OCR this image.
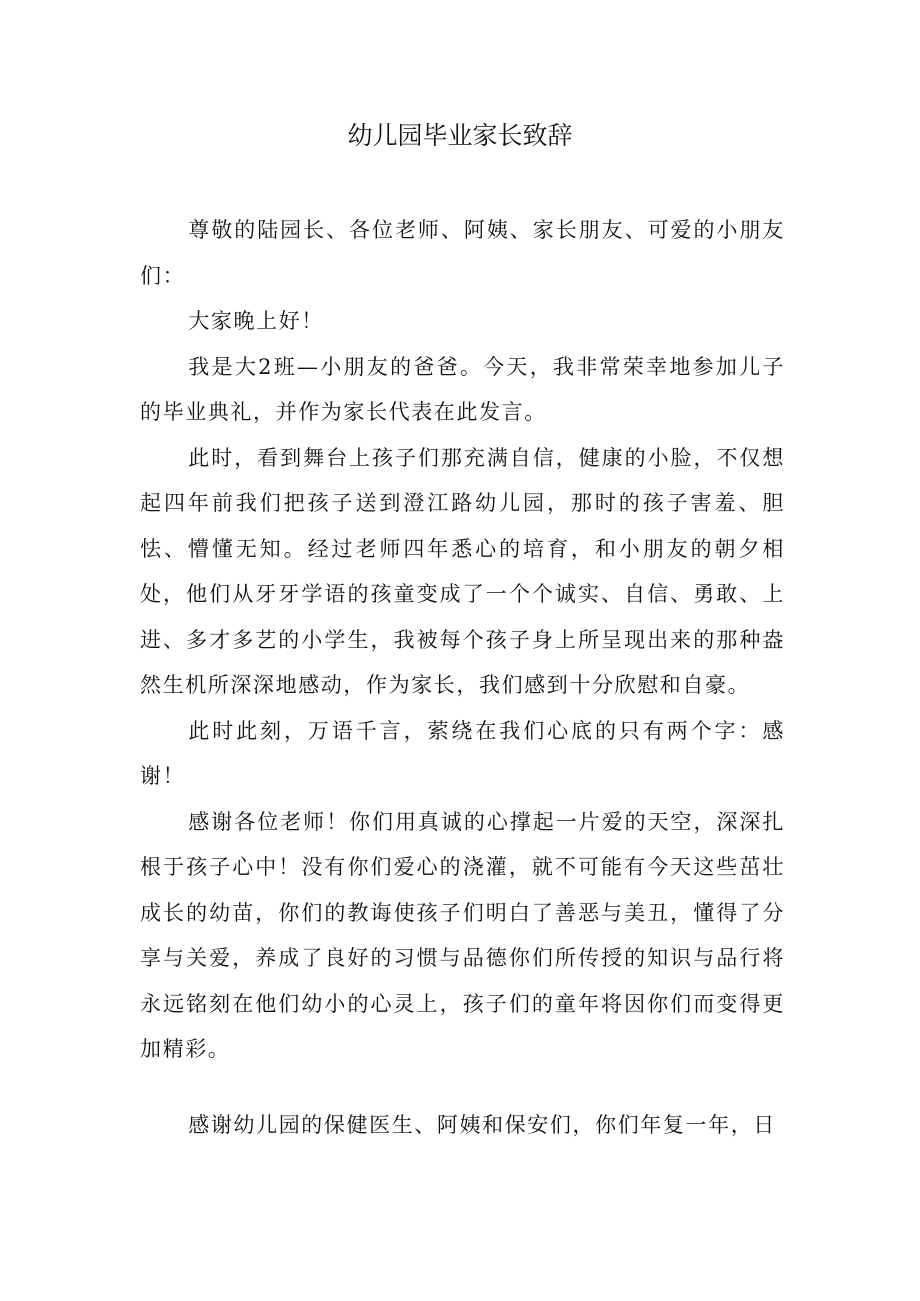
幼儿园毕业家长致辞

尊敬的陆园长、各位老师、阿姨、家长朋友、可爱的小朋友们：

大家晚上好！

我是大2班—小朋友的爸爸。今天，我非常荣幸地参加儿子的毕业典礼，并作为家长代表在此发言。

此时，看到舞台上孩子们那充满自信，健康的小脸，不仅想起四年前我们把孩子送到澄江路幼儿园，那时的孩子害羞、胆怯、懵懂无知。经过老师四年悉心的培育，和小朋友的朝夕相处，他们从牙牙学语的孩童变成了一个个诚实、自信、勇敢、上进、多才多艺的小学生，我被每个孩子身上所呈现出来的那种盎然生机所深深地感动，作为家长，我们感到十分欣慰和自豪。

此时此刻，万语千言，萦绕在我们心底的只有两个字：感谢！

感谢各位老师！你们用真诚的心撑起一片爱的天空，深深扎根于孩子心中！没有你们爱心的浇灌，就不可能有今天这些茁壮成长的幼苗，你们的教诲使孩子们明白了善恶与美丑，懂得了分享与关爱，养成了良好的习惯与品德你们所传授的知识与品行将永远铭刻在他们幼小的心灵上，孩子们的童年将因你们而变得更加精彩。

感谢幼儿园的保健医生、阿姨和保安们，你们年复一年，日
